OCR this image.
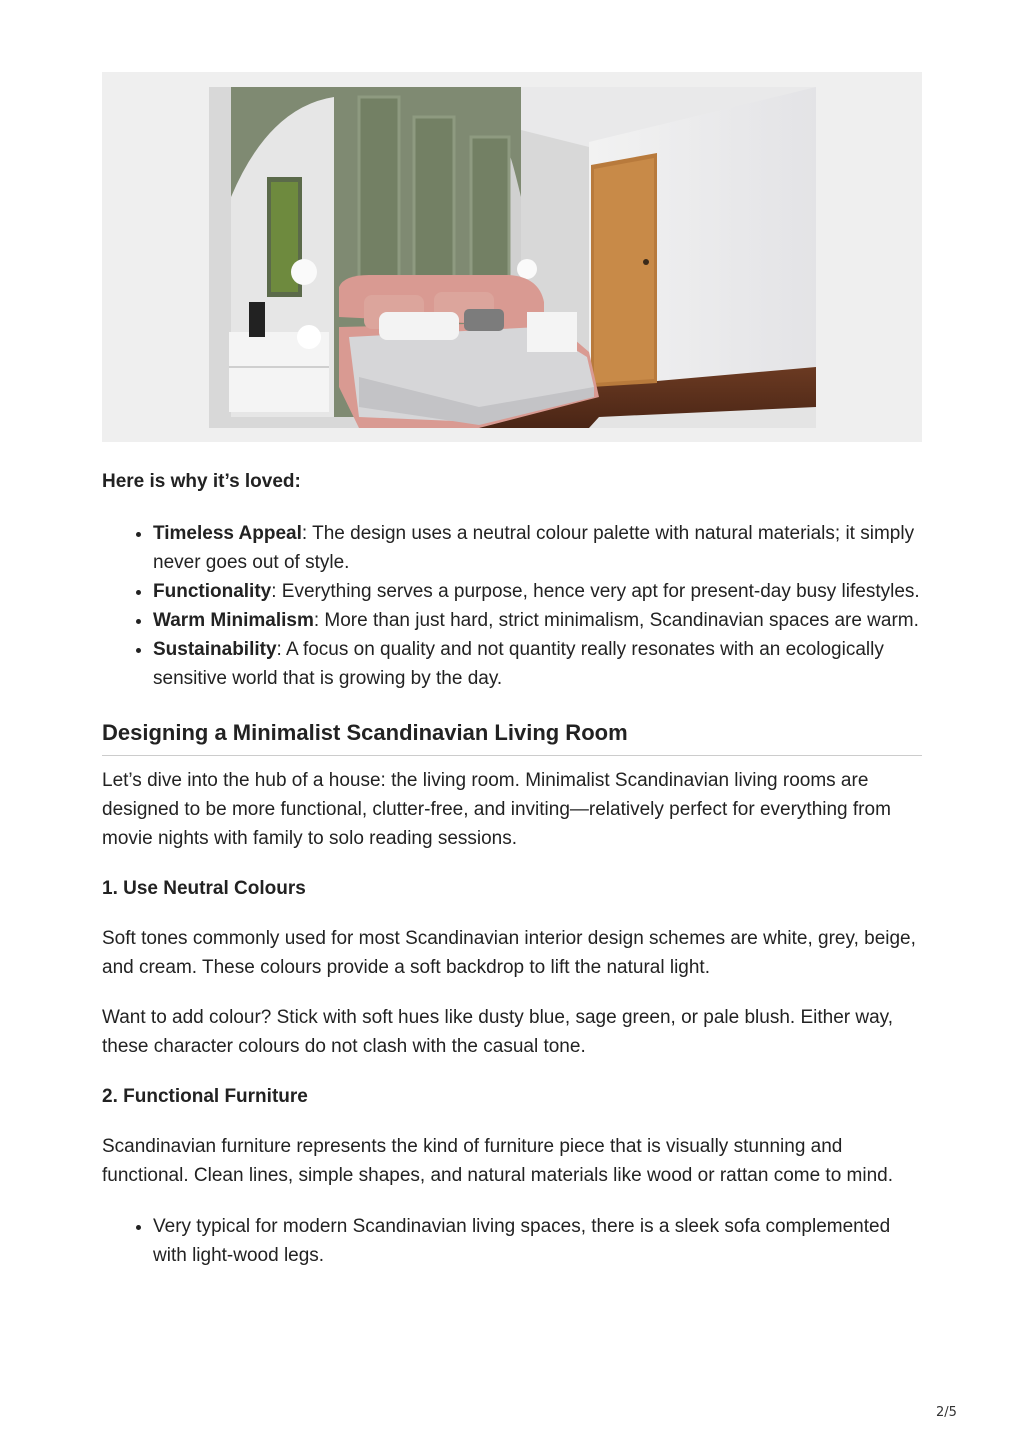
Here is why it’s loved:

• Timeless Appeal: The design uses a neutral colour palette with natural materials; it simply never goes out of style.
• Functionality: Everything serves a purpose, hence very apt for present-day busy lifestyles.
• Warm Minimalism: More than just hard, strict minimalism, Scandinavian spaces are warm.
• Sustainability: A focus on quality and not quantity really resonates with an ecologically sensitive world that is growing by the day.
Designing a Minimalist Scandinavian Living Room

Let’s dive into the hub of a house: the living room. Minimalist Scandinavian living rooms are designed to be more functional, clutter-free, and inviting—relatively perfect for everything from movie nights with family to solo reading sessions.

1. Use Neutral Colours

Soft tones commonly used for most Scandinavian interior design schemes are white, grey, beige, and cream. These colours provide a soft backdrop to lift the natural light.

Want to add colour? Stick with soft hues like dusty blue, sage green, or pale blush. Either way, these character colours do not clash with the casual tone.

2. Functional Furniture

Scandinavian furniture represents the kind of furniture piece that is visually stunning and functional. Clean lines, simple shapes, and natural materials like wood or rattan come to mind.

• Very typical for modern Scandinavian living spaces, there is a sleek sofa complemented with light-wood legs.
2/5
